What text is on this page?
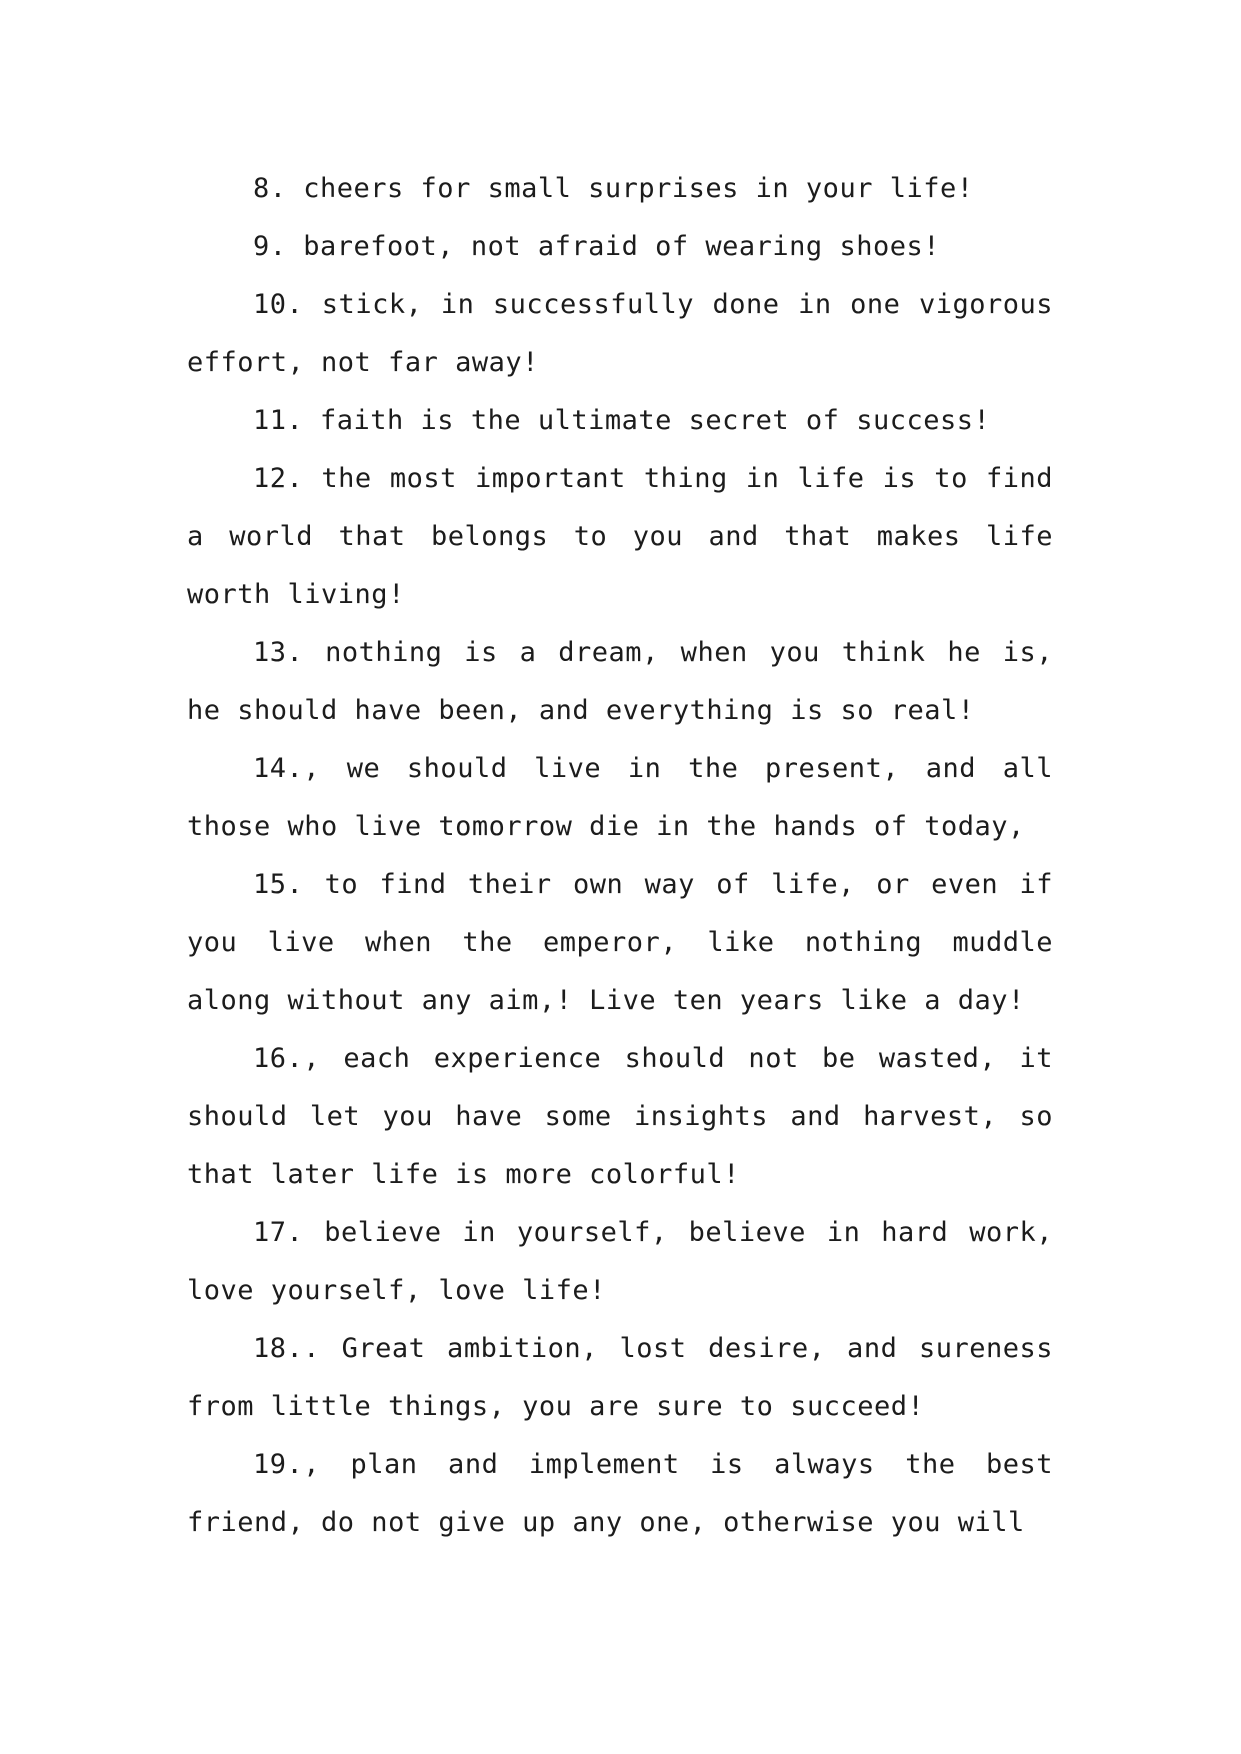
8. cheers for small surprises in your life!

9. barefoot, not afraid of wearing shoes!

10. stick, in successfully done in one vigorous effort, not far away!

11. faith is the ultimate secret of success!

12. the most important thing in life is to find a world that belongs to you and that makes life worth living!

13. nothing is a dream, when you think he is, he should have been, and everything is so real!

14., we should live in the present, and all those who live tomorrow die in the hands of today,

15. to find their own way of life, or even if you live when the emperor, like nothing muddle along without any aim,! Live ten years like a day!

16., each experience should not be wasted, it should let you have some insights and harvest, so that later life is more colorful!

17. believe in yourself, believe in hard work, love yourself, love life!

18.. Great ambition, lost desire, and sureness from little things, you are sure to succeed!

19., plan and implement is always the best friend, do not give up any one, otherwise you will
